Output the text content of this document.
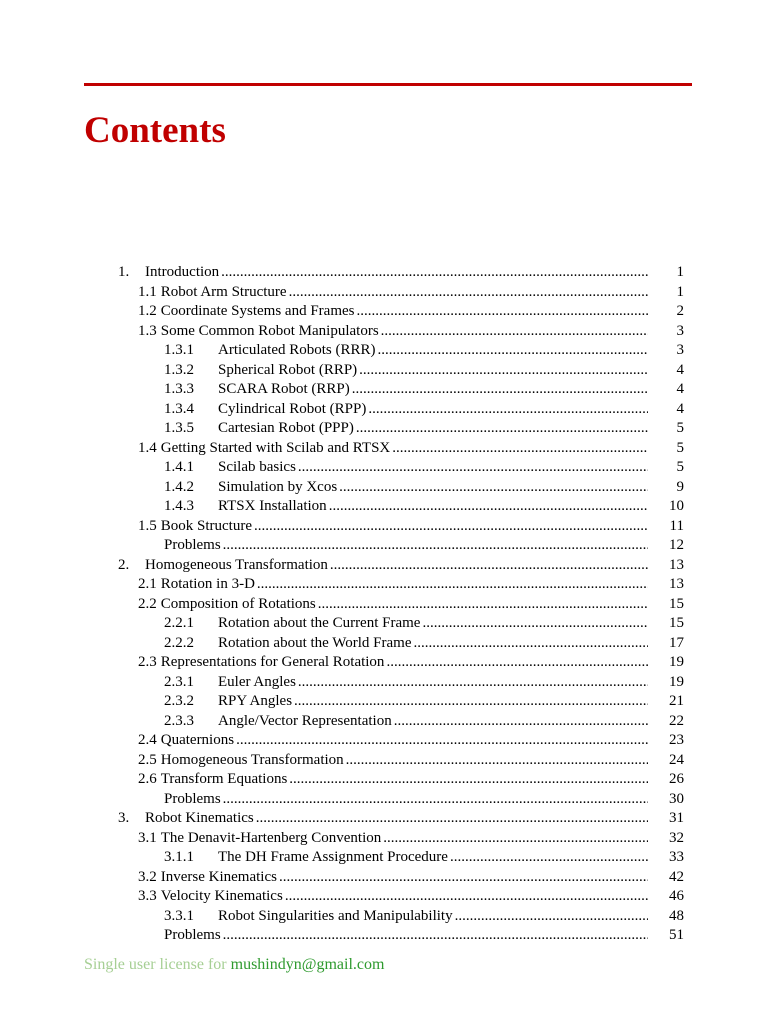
Contents
1.	Introduction .....	1
1.1 Robot Arm Structure .....	1
1.2 Coordinate Systems and Frames .....	2
1.3 Some Common Robot Manipulators .....	3
1.3.1	Articulated Robots (RRR) .....	3
1.3.2	Spherical Robot (RRP) .....	4
1.3.3	SCARA Robot (RRP) .....	4
1.3.4	Cylindrical Robot (RPP) .....	4
1.3.5	Cartesian Robot (PPP) .....	5
1.4 Getting Started with Scilab and RTSX .....	5
1.4.1	Scilab basics .....	5
1.4.2	Simulation by Xcos .....	9
1.4.3	RTSX Installation .....	10
1.5 Book Structure .....	11
Problems .....	12
2.	Homogeneous Transformation .....	13
2.1 Rotation in 3-D .....	13
2.2 Composition of Rotations .....	15
2.2.1	Rotation about the Current Frame .....	15
2.2.2	Rotation about the World Frame .....	17
2.3 Representations for General Rotation .....	19
2.3.1	Euler Angles .....	19
2.3.2	RPY Angles .....	21
2.3.3	Angle/Vector Representation .....	22
2.4 Quaternions .....	23
2.5 Homogeneous Transformation .....	24
2.6 Transform Equations .....	26
Problems .....	30
3.	Robot Kinematics .....	31
3.1 The Denavit-Hartenberg Convention .....	32
3.1.1	The DH Frame Assignment Procedure .....	33
3.2 Inverse Kinematics .....	42
3.3 Velocity Kinematics .....	46
3.3.1	Robot Singularities and Manipulability .....	48
Problems .....	51
Single user license for mushindyn@gmail.com
